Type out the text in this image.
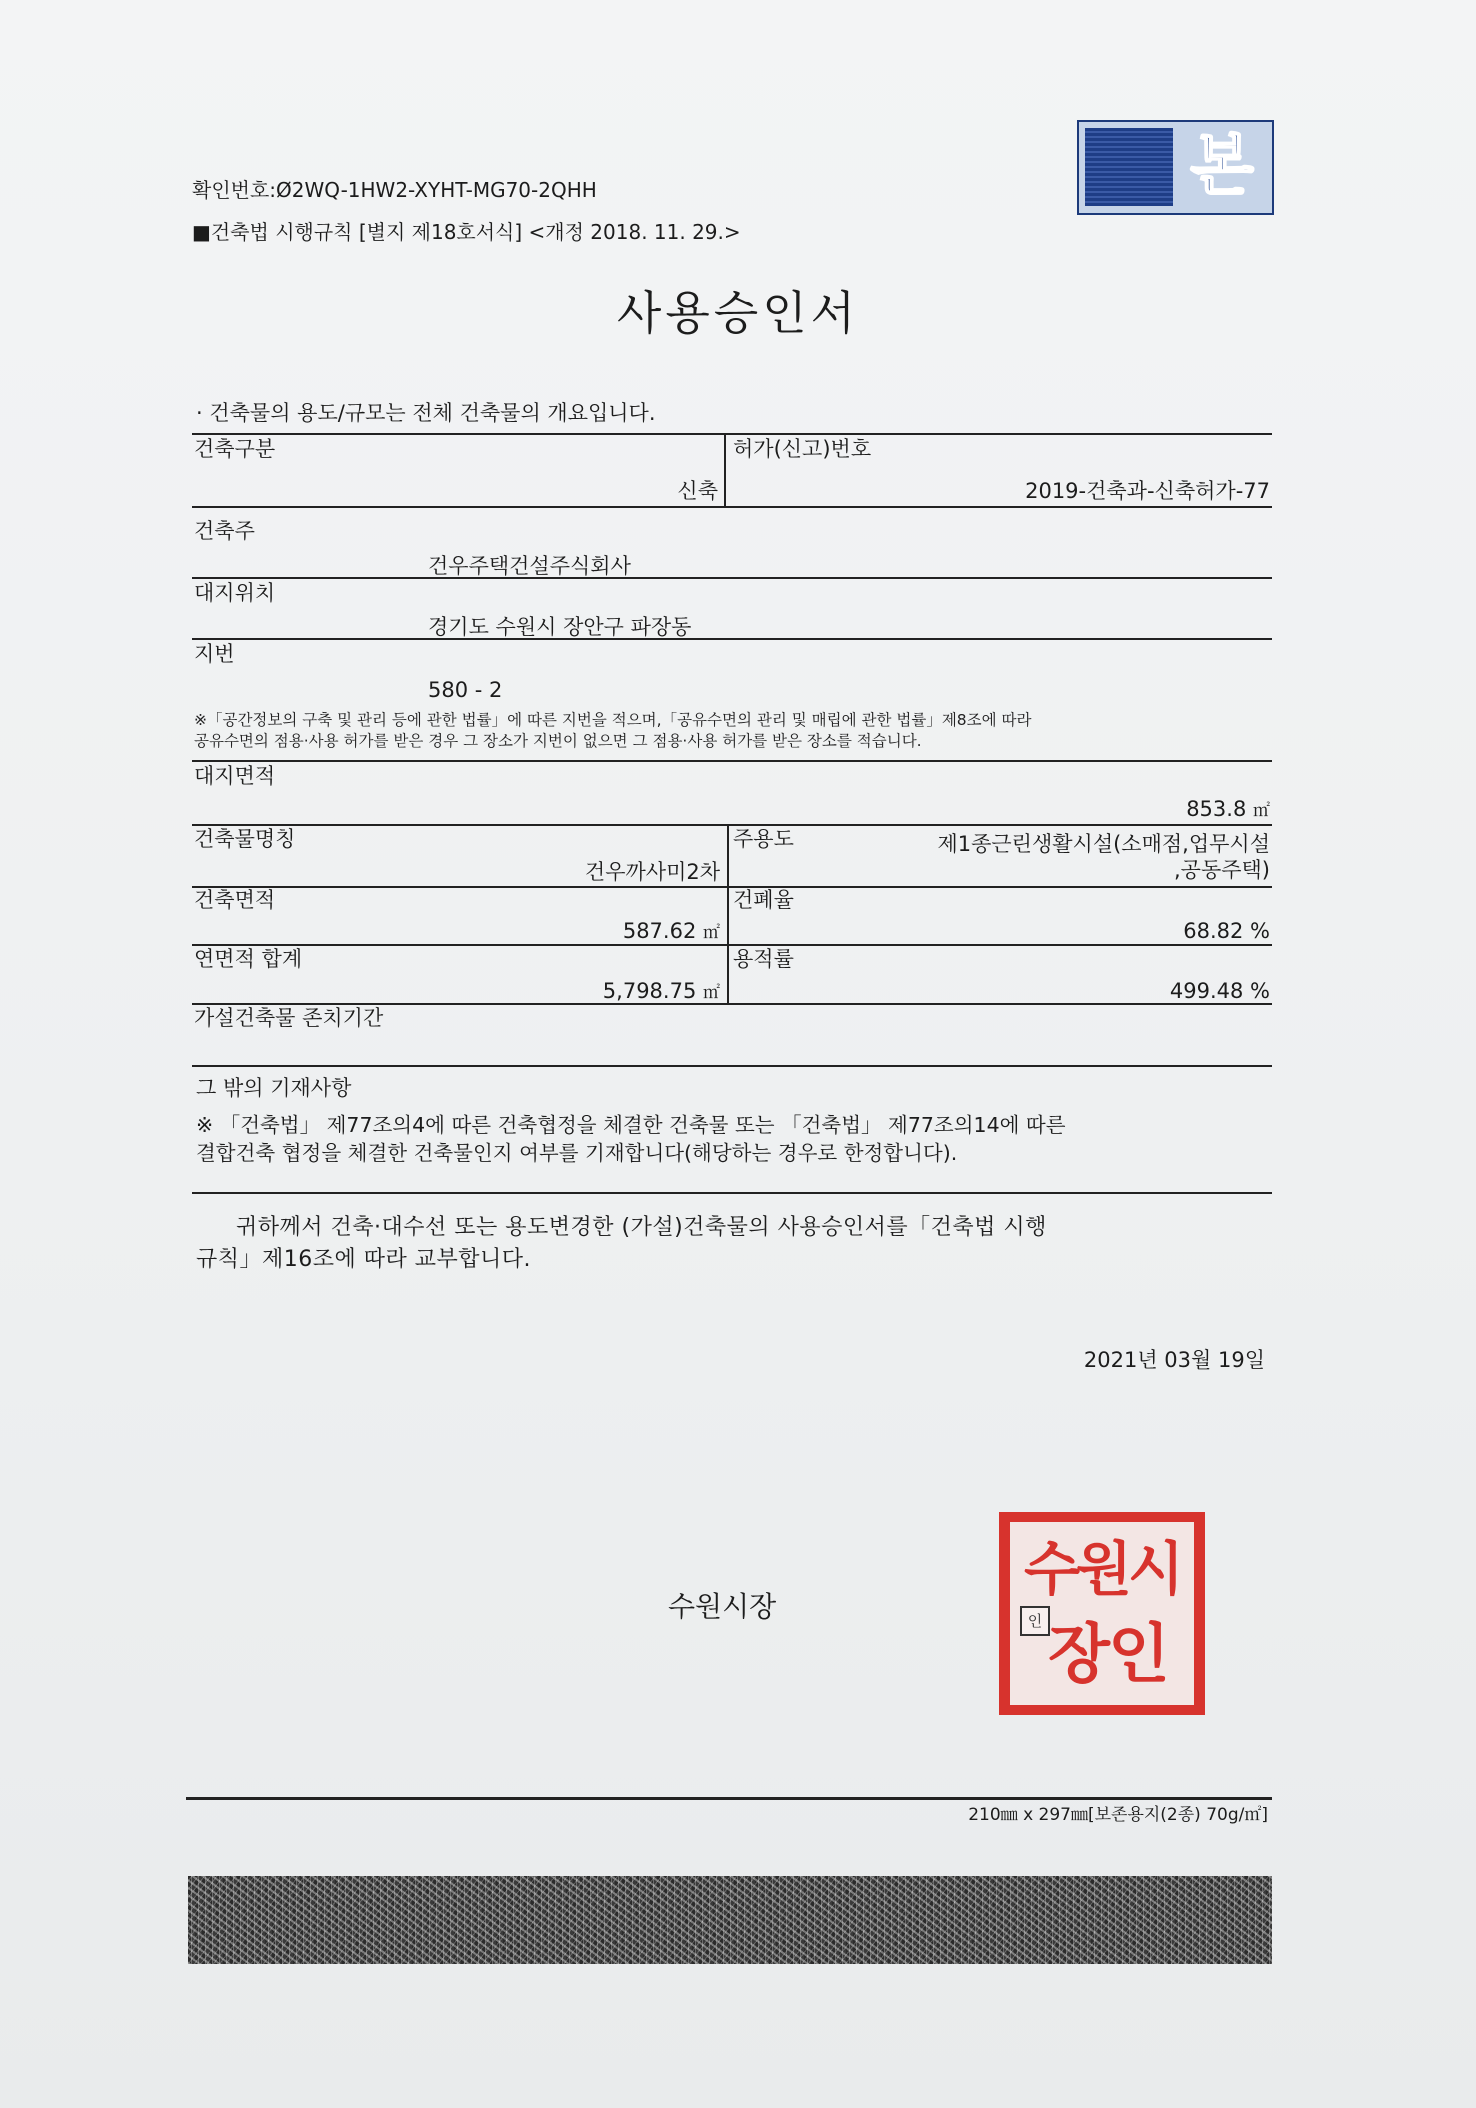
확인번호:Ø2WQ-1HW2-XYHT-MG70-2QHH
■건축법 시행규칙 [별지 제18호서식] <개정 2018. 11. 29.>
본
사용승인서
· 건축물의 용도/규모는 전체 건축물의 개요입니다.
건축구분
신축
허가(신고)번호
2019-건축과-신축허가-77
건축주
건우주택건설주식회사
대지위치
경기도 수원시 장안구 파장동
지번
580 - 2
※「공간정보의 구축 및 관리 등에 관한 법률」에 따른 지번을 적으며,「공유수면의 관리 및 매립에 관한 법률」제8조에 따라
공유수면의 점용·사용 허가를 받은 경우 그 장소가 지번이 없으면 그 점용·사용 허가를 받은 장소를 적습니다.
대지면적
853.8 ㎡
건축물명칭
건우까사미2차
주용도	제1종근린생활시설(소매점,업무시설
,공동주택)
건축면적
587.62 ㎡
건폐율
68.82 %
연면적 합계
5,798.75 ㎡
용적률
499.48 %
가설건축물 존치기간
그 밖의 기재사항
※ 「건축법」 제77조의4에 따른 건축협정을 체결한 건축물 또는 「건축법」 제77조의14에 따른
결합건축 협정을 체결한 건축물인지 여부를 기재합니다(해당하는 경우로 한정합니다).
귀하께서 건축·대수선 또는 용도변경한 (가설)건축물의 사용승인서를「건축법 시행
규칙」제16조에 따라 교부합니다.
2021년 03월 19일
수원시장
수원시
장인
인
210㎜ x 297㎜[보존용지(2종) 70g/㎡]
